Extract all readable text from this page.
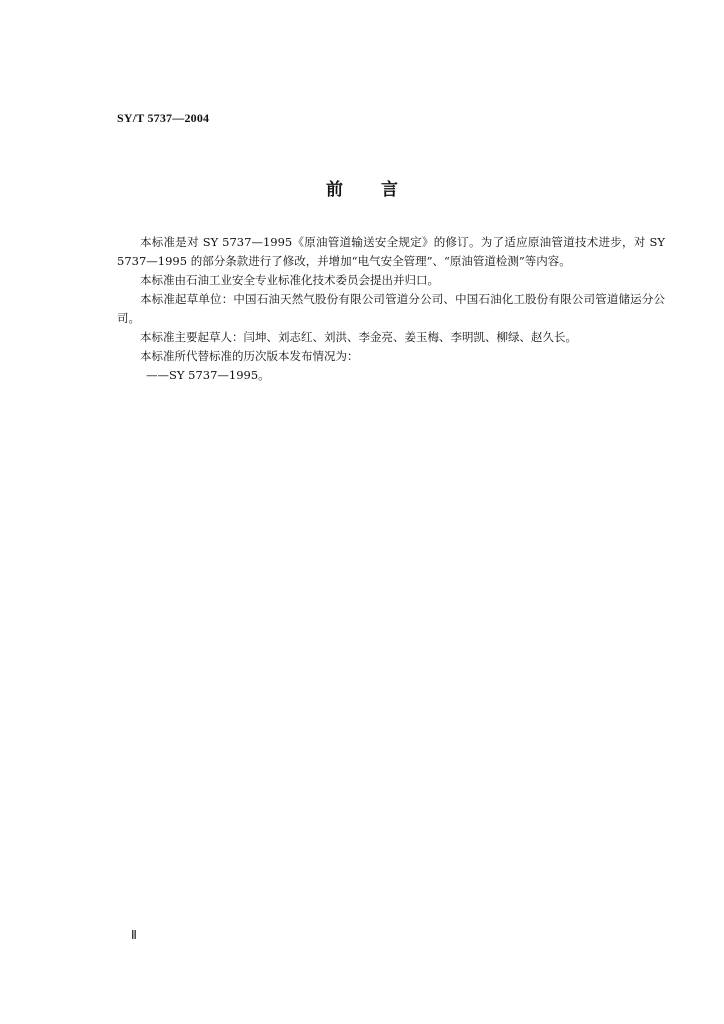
SY/T 5737—2004
前 言

本标准是对 SY 5737—1995《原油管道输送安全规定》的修订。为了适应原油管道技术进步，对 SY 5737—1995 的部分条款进行了修改，并增加“电气安全管理”、“原油管道检测”等内容。

本标准由石油工业安全专业标准化技术委员会提出并归口。

本标准起草单位：中国石油天然气股份有限公司管道分公司、中国石油化工股份有限公司管道储运分公司。

本标准主要起草人：闫坤、刘志红、刘洪、李金亮、姜玉梅、李明凯、柳绿、赵久长。

本标准所代替标准的历次版本发布情况为：

——SY 5737—1995。

Ⅱ
